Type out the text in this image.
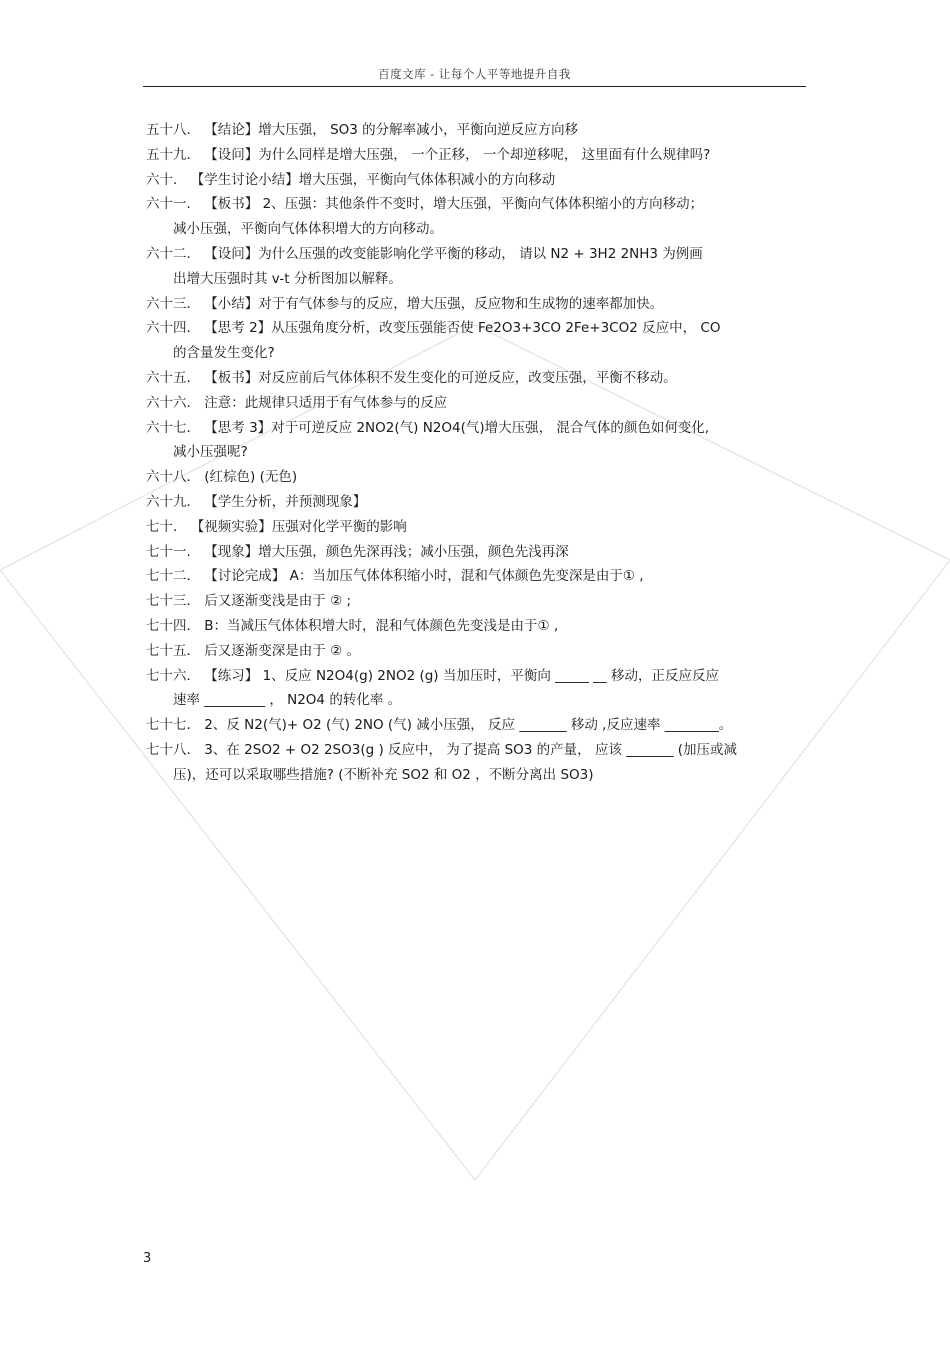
百度文库 - 让每个人平等地提升自我
五十八． 【结论】增大压强， SO3 的分解率减小，平衡向逆反应方向移
五十九． 【设问】为什么同样是增大压强， 一个正移， 一个却逆移呢， 这里面有什么规律吗?
六十． 【学生讨论小结】增大压强，平衡向气体体积减小的方向移动
六十一． 【板书】 2、压强：其他条件不变时，增大压强，平衡向气体体积缩小的方向移动；
减小压强，平衡向气体体积增大的方向移动。
六十二． 【设问】为什么压强的改变能影响化学平衡的移动， 请以 N2 + 3H2 2NH3 为例画
出增大压强时其 v-t 分析图加以解释。
六十三． 【小结】对于有气体参与的反应，增大压强，反应物和生成物的速率都加快。
六十四． 【思考 2】从压强角度分析，改变压强能否使 Fe2O3+3CO 2Fe+3CO2 反应中， CO
的含量发生变化?
六十五． 【板书】对反应前后气体体积不发生变化的可逆反应，改变压强，平衡不移动。
六十六． 注意：此规律只适用于有气体参与的反应
六十七． 【思考 3】对于可逆反应 2NO2(气) N2O4(气)增大压强， 混合气体的颜色如何变化,
减小压强呢?
六十八． (红棕色) (无色)
六十九． 【学生分析，并预测现象】
七十． 【视频实验】压强对化学平衡的影响
七十一． 【现象】增大压强，颜色先深再浅；减小压强，颜色先浅再深
七十二． 【讨论完成】 A：当加压气体体积缩小时，混和气体颜色先变深是由于① ,
七十三． 后又逐渐变浅是由于 ② ;
七十四． B：当减压气体体积增大时，混和气体颜色先变浅是由于① ,
七十五． 后又逐渐变深是由于 ② 。
七十六． 【练习】 1、反应 N2O4(g) 2NO2 (g) 当加压时，平衡向 _____ __ 移动，正反应反应
速率 _________ ， N2O4 的转化率 。
七十七． 2、反 N2(气)+ O2 (气) 2NO (气) 减小压强， 反应 _______ 移动 ,反应速率 ________。
七十八． 3、在 2SO2 + O2 2SO3(g ) 反应中， 为了提高 SO3 的产量， 应该 _______ (加压或减
压)，还可以采取哪些措施? (不断补充 SO2 和 O2 ，不断分离出 SO3)
3
